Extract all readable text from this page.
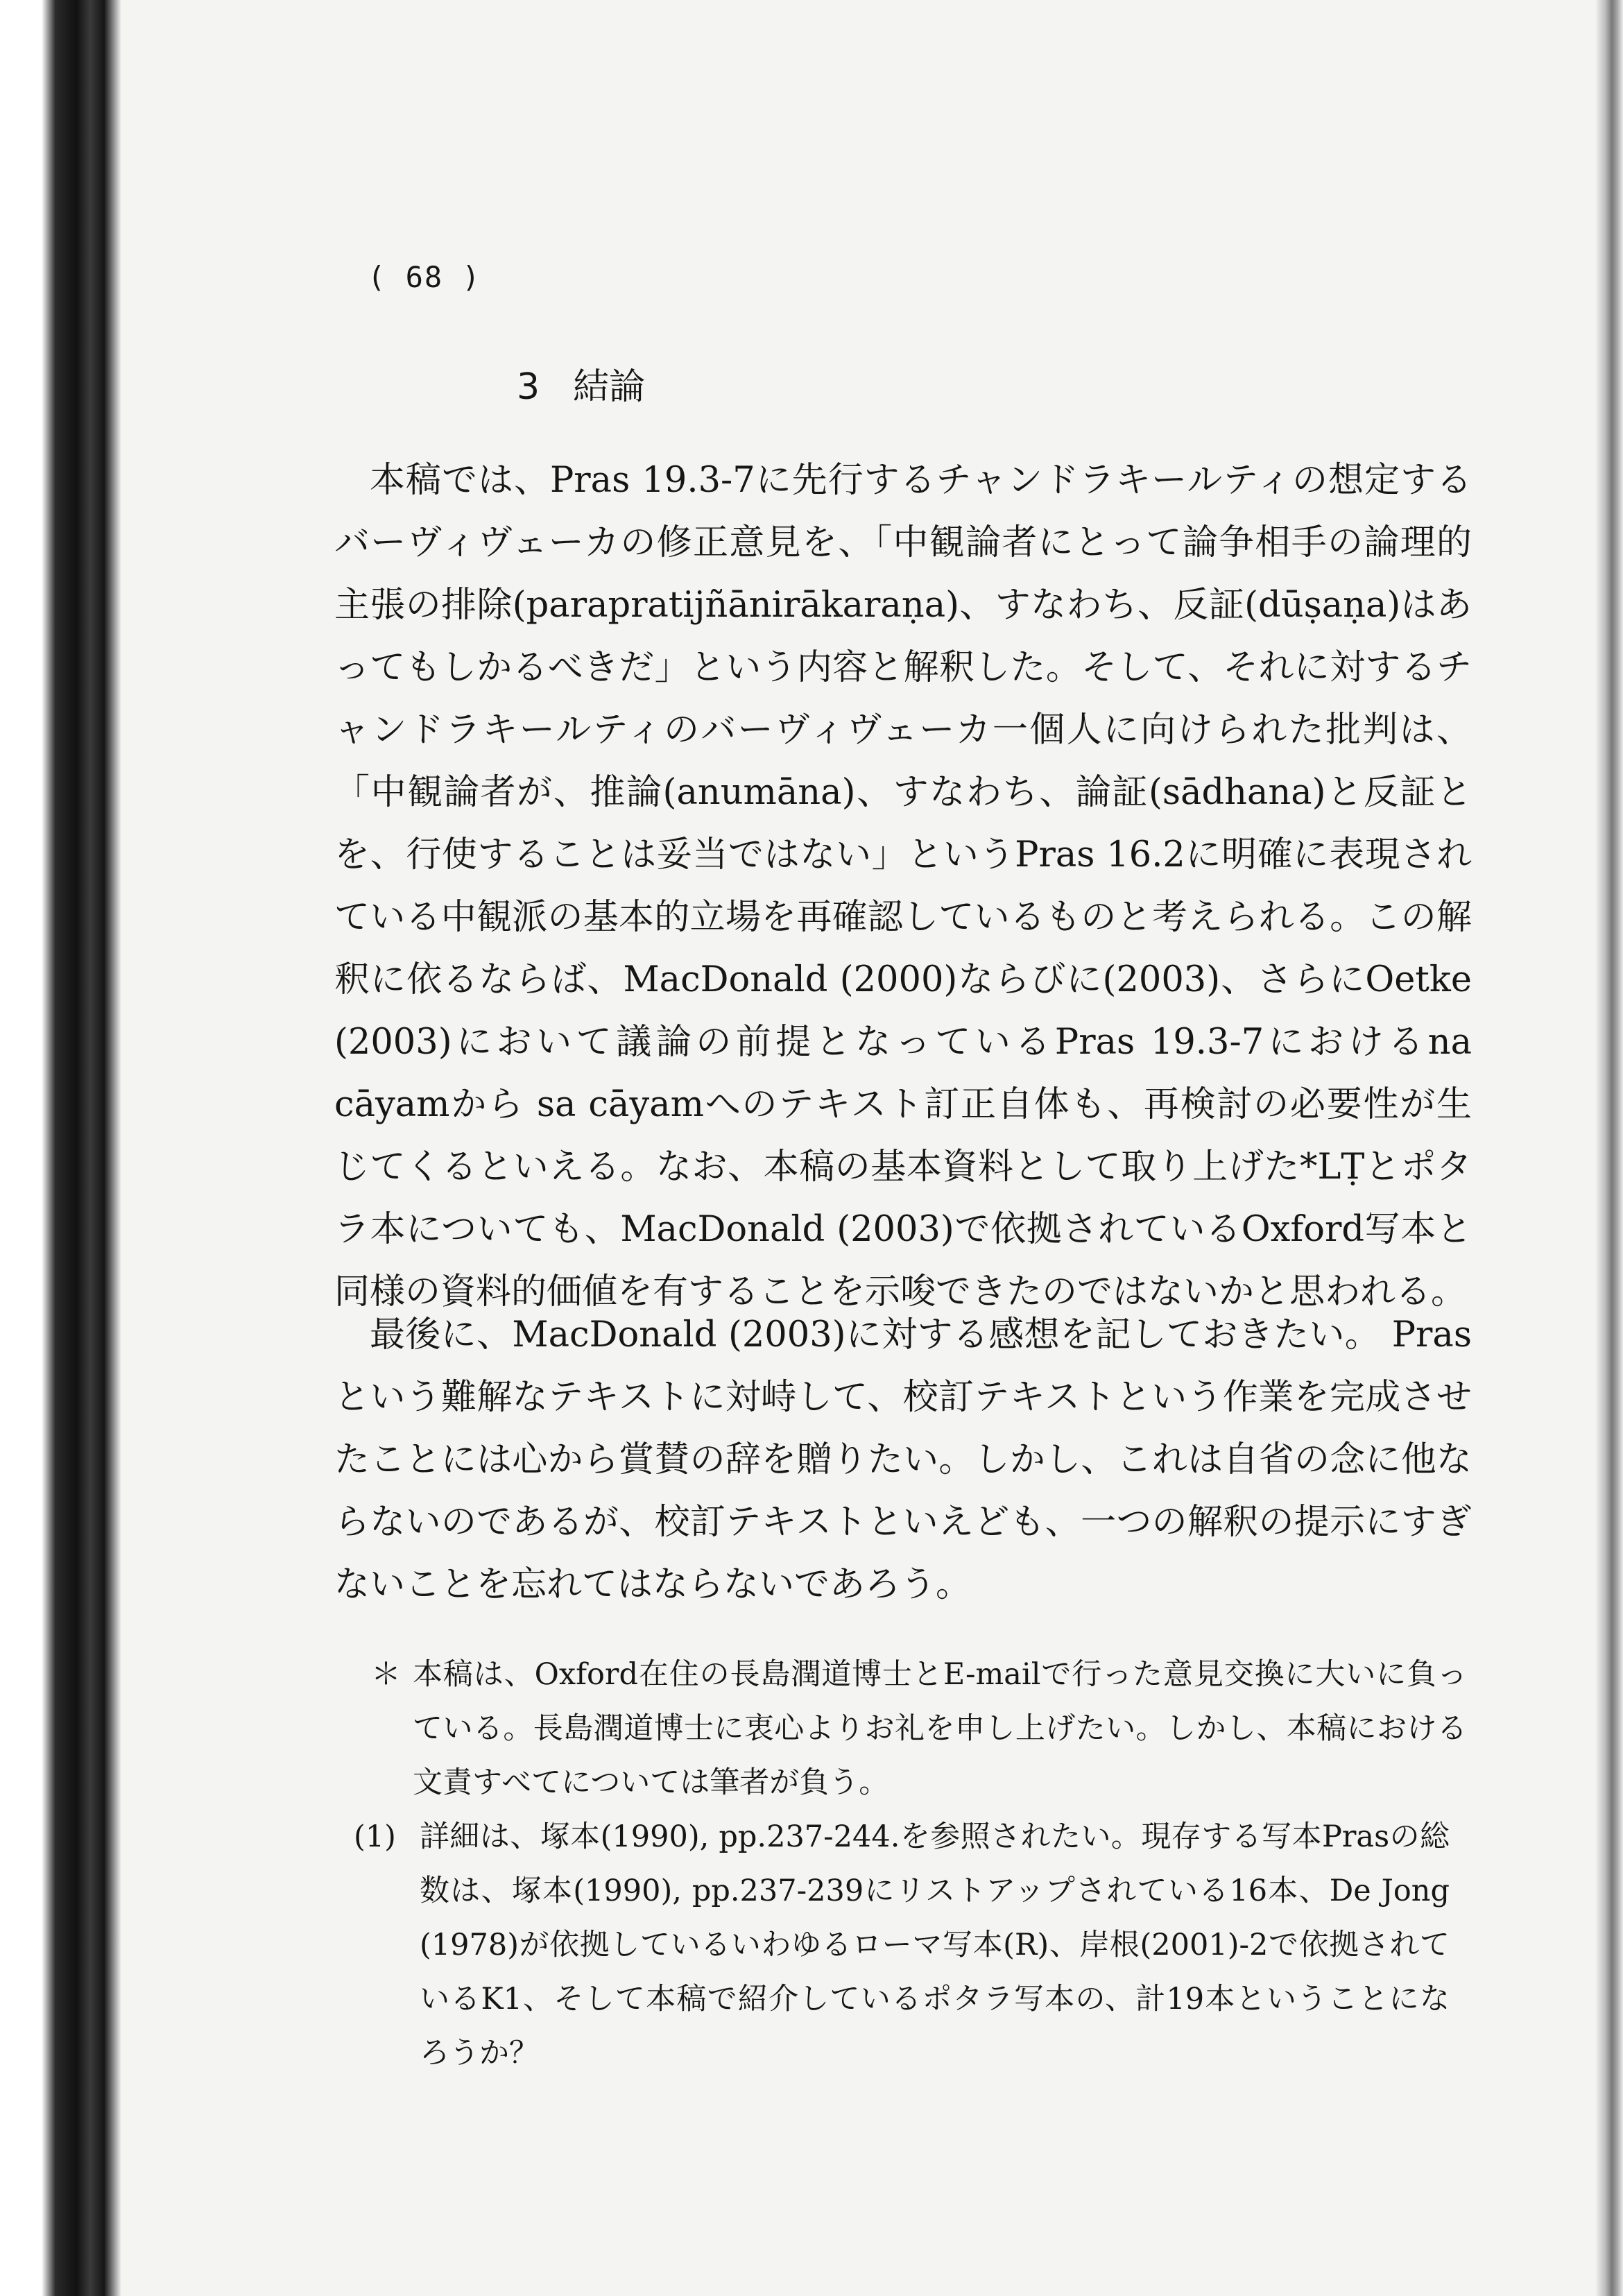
( 68 )
3 結論

本稿では、Pras 19.3-7に先行するチャンドラキールティの想定するバーヴィヴェーカの修正意見を、「中観論者にとって論争相手の論理的主張の排除(parapratijñānirākaraṇa)、すなわち、反証(dūṣaṇa)はあってもしかるべきだ」という内容と解釈した。そして、それに対するチャンドラキールティのバーヴィヴェーカ一個人に向けられた批判は、「中観論者が、推論(anumāna)、すなわち、論証(sādhana)と反証とを、行使することは妥当ではない」というPras 16.2に明確に表現されている中観派の基本的立場を再確認しているものと考えられる。この解釈に依るならば、MacDonald (2000)ならびに(2003)、さらにOetke (2003)において議論の前提となっているPras 19.3-7におけるna cāyamから sa cāyamへのテキスト訂正自体も、再検討の必要性が生じてくるといえる。なお、本稿の基本資料として取り上げた*LṬとポタラ本についても、MacDonald (2003)で依拠されているOxford写本と同様の資料的価値を有することを示唆できたのではないかと思われる。

最後に、MacDonald (2003)に対する感想を記しておきたい。 Prasという難解なテキストに対峙して、校訂テキストという作業を完成させたことには心から賞賛の辞を贈りたい。しかし、これは自省の念に他ならないのであるが、校訂テキストといえども、一つの解釈の提示にすぎないことを忘れてはならないであろう。

＊ 本稿は、Oxford在住の長島潤道博士とE-mailで行った意見交換に大いに負っている。長島潤道博士に衷心よりお礼を申し上げたい。しかし、本稿における文責すべてについては筆者が負う。
(1) 詳細は、塚本(1990), pp.237-244.を参照されたい。現存する写本Prasの総数は、塚本(1990), pp.237-239にリストアップされている16本、De Jong (1978)が依拠しているいわゆるローマ写本(R)、岸根(2001)-2で依拠されているK1、そして本稿で紹介しているポタラ写本の、計19本ということになろうか？
